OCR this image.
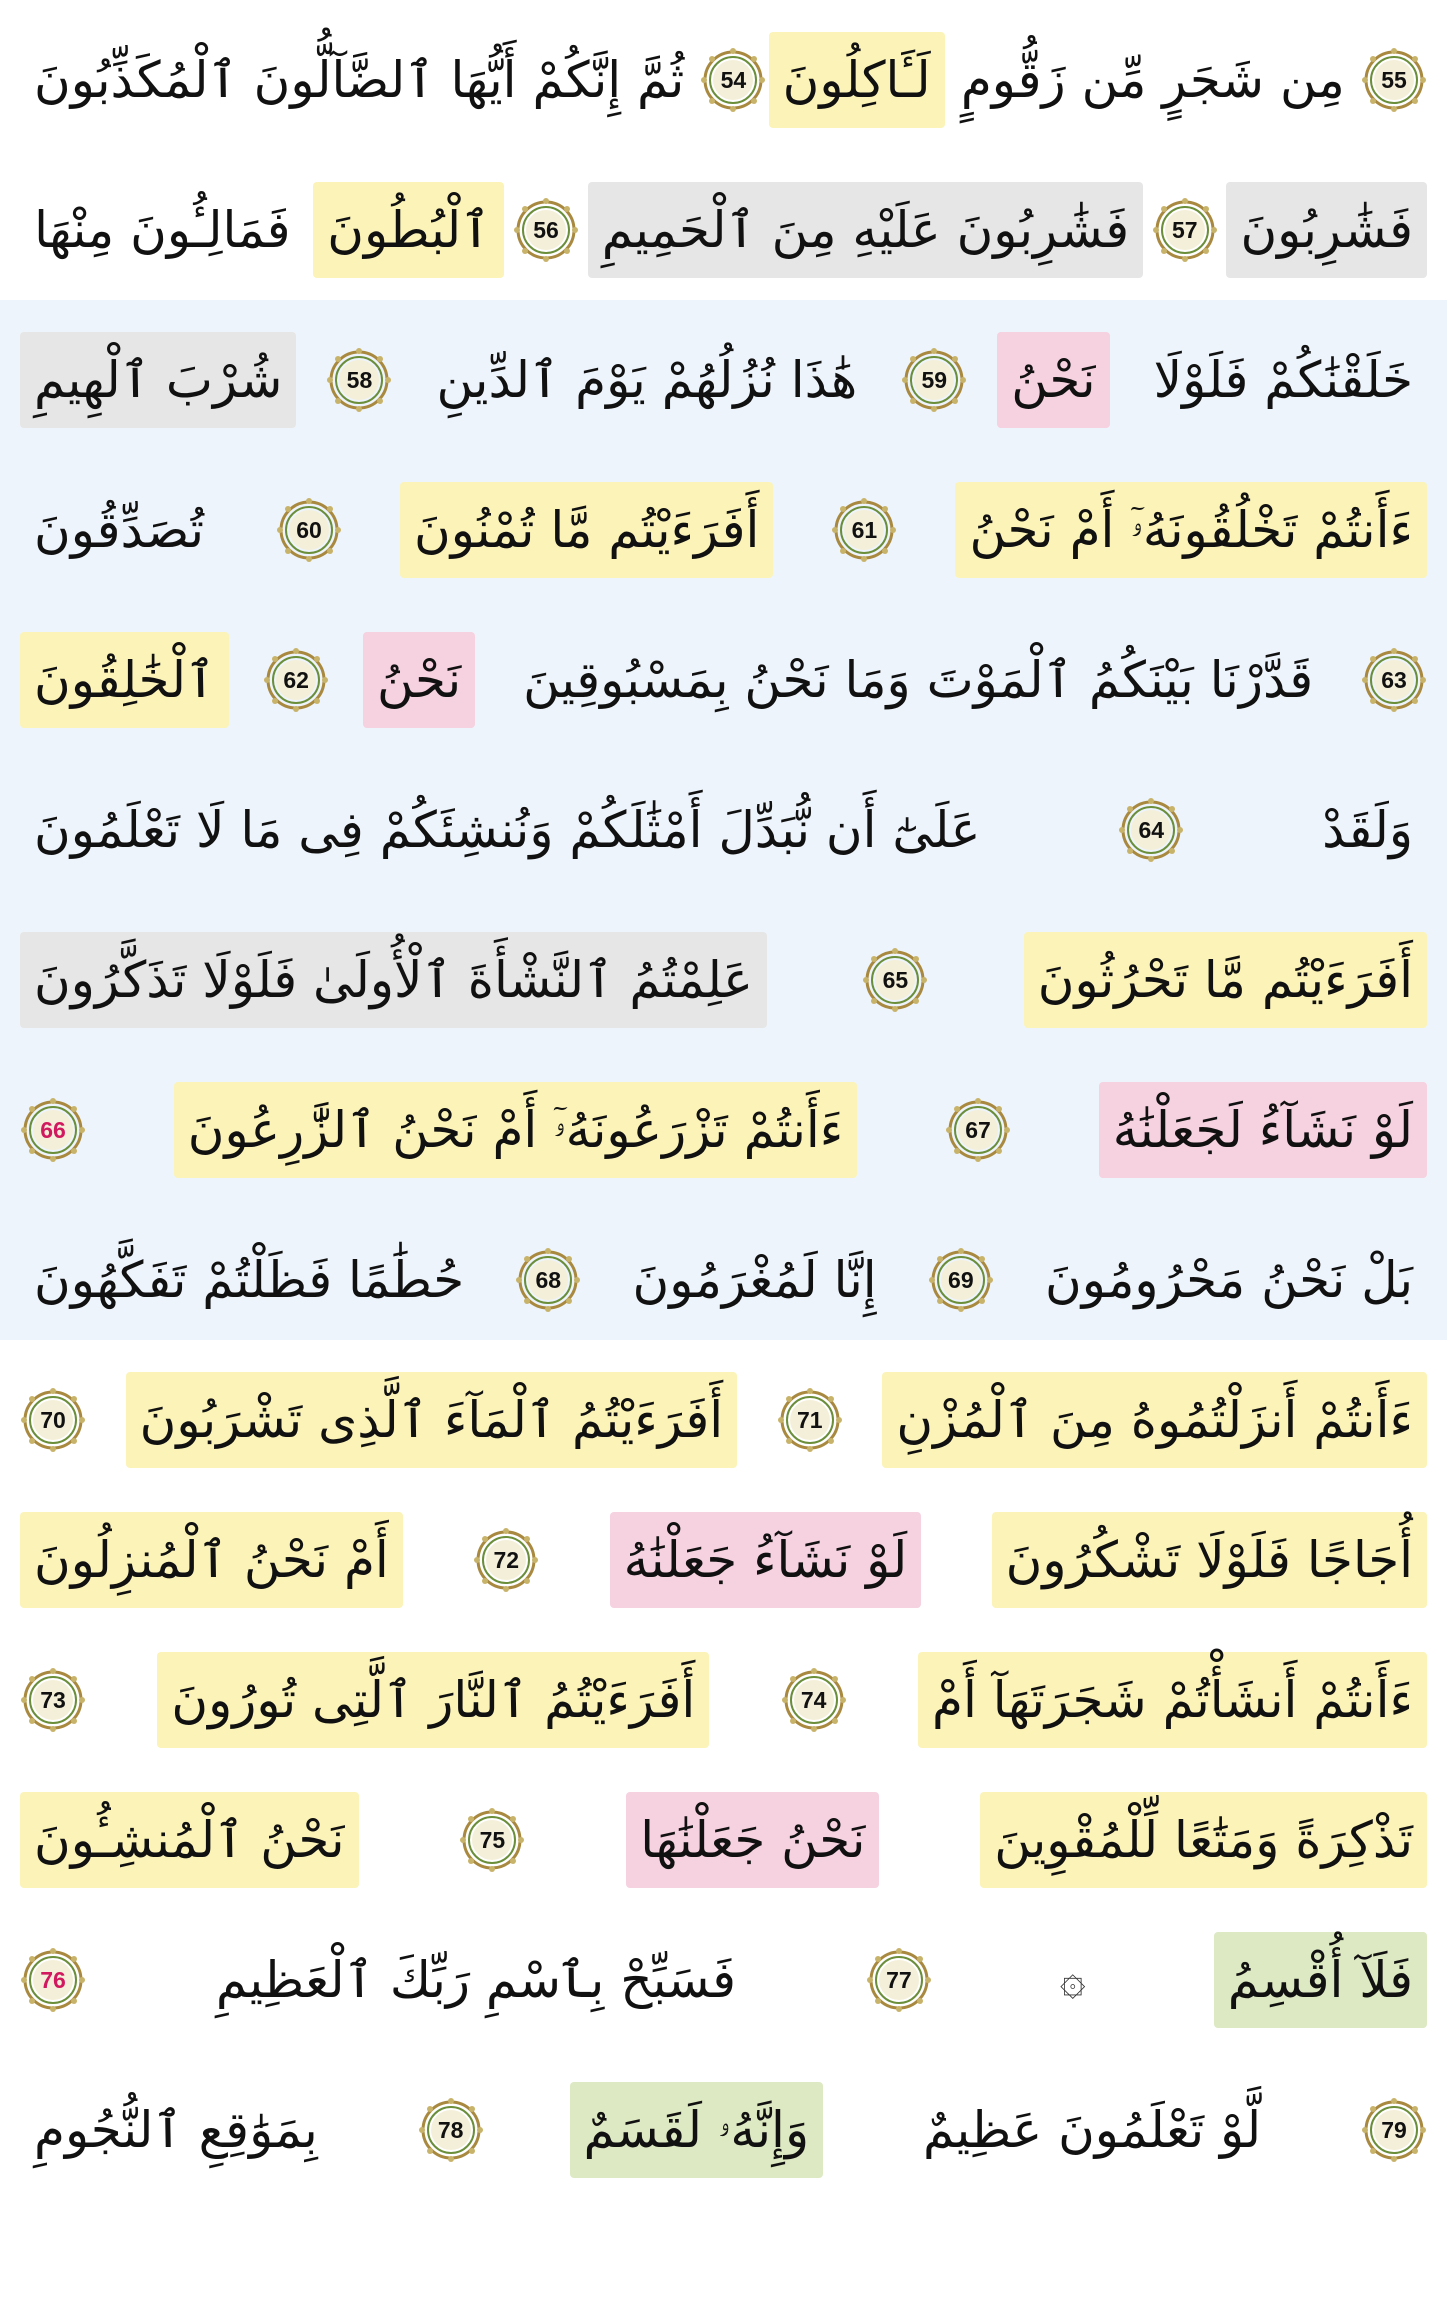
ثُمَّ إِنَّكُمْ أَيُّهَا ٱلضَّآلُّونَ ٱلْمُكَذِّبُونَ	54 لَـَٔاكِلُونَ مِن شَجَرٍ مِّن زَقُّومٍ	55
فَمَالِـُٔونَ مِنْهَا ٱلْبُطُونَ	56 فَشَٰرِبُونَ عَلَيْهِ مِنَ ٱلْحَمِيمِ	57 فَشَٰرِبُونَ
شُرْبَ ٱلْهِيمِ	58 هَٰذَا نُزُلُهُمْ يَوْمَ ٱلدِّينِ	59 نَحْنُ خَلَقْنَٰكُمْ فَلَوْلَا
تُصَدِّقُونَ	60 أَفَرَءَيْتُم مَّا تُمْنُونَ	61 ءَأَنتُمْ تَخْلُقُونَهُۥٓ أَمْ نَحْنُ
ٱلْخَٰلِقُونَ	62 نَحْنُ قَدَّرْنَا بَيْنَكُمُ ٱلْمَوْتَ وَمَا نَحْنُ بِمَسْبُوقِينَ	63
عَلَىٰٓ أَن نُّبَدِّلَ أَمْثَٰلَكُمْ وَنُنشِئَكُمْ فِى مَا لَا تَعْلَمُونَ	64	وَلَقَدْ
عَلِمْتُمُ ٱلنَّشْأَةَ ٱلْأُولَىٰ فَلَوْلَا تَذَكَّرُونَ	65	أَفَرَءَيْتُم مَّا تَحْرُثُونَ
66 ءَأَنتُمْ تَزْرَعُونَهُۥٓ أَمْ نَحْنُ ٱلزَّٰرِعُونَ	67 لَوْ نَشَآءُ لَجَعَلْنَٰهُ
حُطَٰمًا فَظَلْتُمْ تَفَكَّهُونَ	68 إِنَّا لَمُغْرَمُونَ	69 بَلْ نَحْنُ مَحْرُومُونَ
70 أَفَرَءَيْتُمُ ٱلْمَآءَ ٱلَّذِى تَشْرَبُونَ	71 ءَأَنتُمْ أَنزَلْتُمُوهُ مِنَ ٱلْمُزْنِ
أَمْ نَحْنُ ٱلْمُنزِلُونَ	72 لَوْ نَشَآءُ جَعَلْنَٰهُ أُجَاجًا فَلَوْلَا تَشْكُرُونَ
73 أَفَرَءَيْتُمُ ٱلنَّارَ ٱلَّتِى تُورُونَ	74 ءَأَنتُمْ أَنشَأْتُمْ شَجَرَتَهَآ أَمْ
نَحْنُ ٱلْمُنشِـُٔونَ	75	نَحْنُ جَعَلْنَٰهَا	تَذْكِرَةً وَمَتَٰعًا لِّلْمُقْوِينَ
76	فَسَبِّحْ بِٱسْمِ رَبِّكَ ٱلْعَظِيمِ	77	۞	فَلَآ أُقْسِمُ
بِمَوَٰقِعِ ٱلنُّجُومِ	78 وَإِنَّهُۥ لَقَسَمٌ لَّوْ تَعْلَمُونَ عَظِيمٌ	79
